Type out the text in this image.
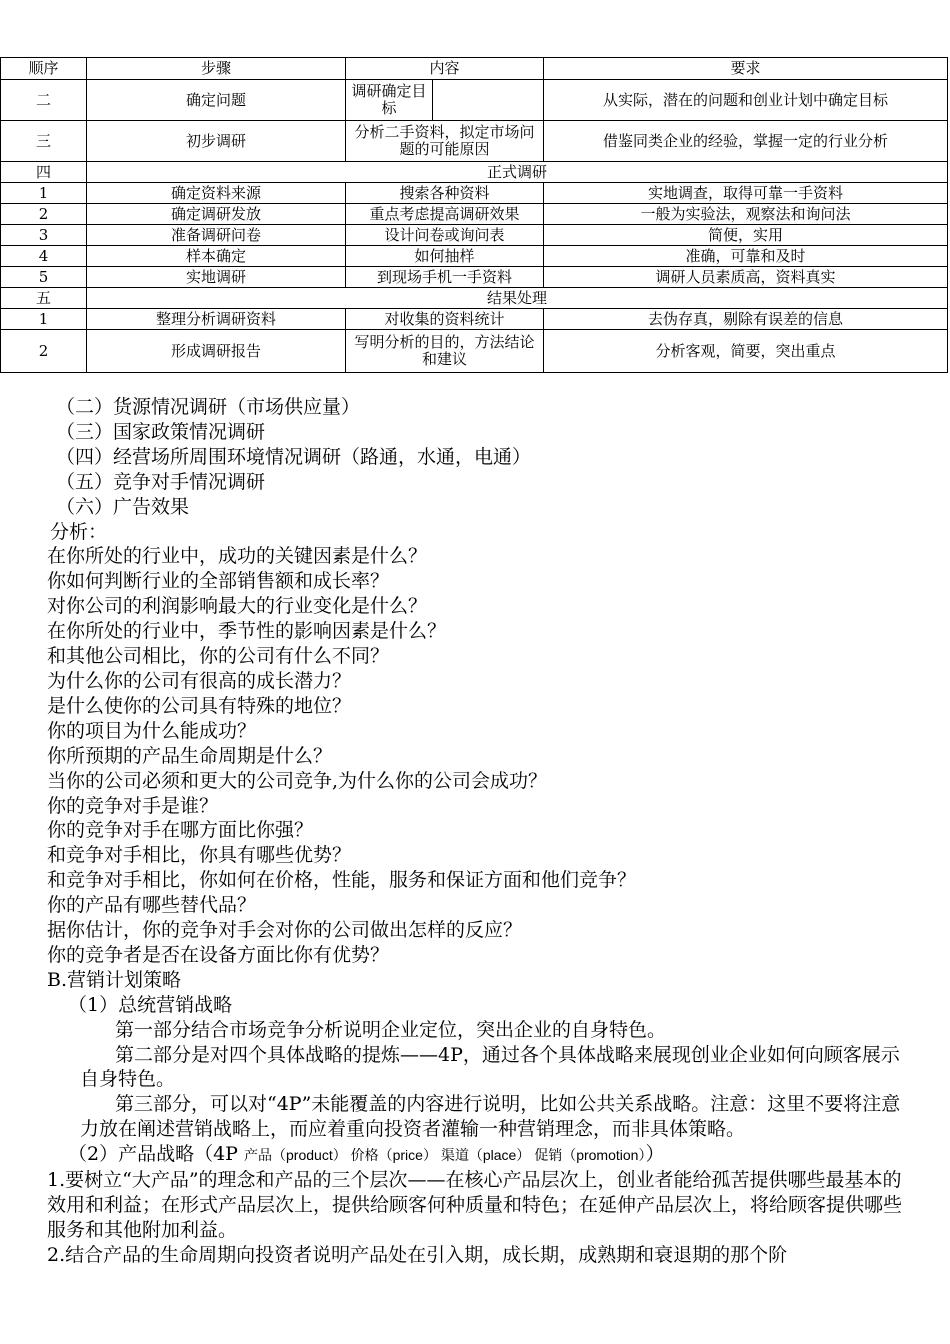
顺序	步骤	内容	要求
二	确定问题	调研确定目标	从实际，潜在的问题和创业计划中确定目标
三	初步调研	分析二手资料，拟定市场问题的可能原因	借鉴同类企业的经验，掌握一定的行业分析
四	正式调研		
1	确定资料来源	搜索各种资料	实地调查，取得可靠一手资料
2	确定调研发放	重点考虑提高调研效果	一般为实验法，观察法和询问法
3	准备调研问卷	设计问卷或询问表	简便，实用
4	样本确定	如何抽样	准确，可靠和及时
5	实地调研	到现场手机一手资料	调研人员素质高，资料真实
五	结果处理		
1	整理分析调研资料	对收集的资料统计	去伪存真，剔除有误差的信息
2	形成调研报告	写明分析的目的，方法结论和建议	分析客观，简要，突出重点
（二）货源情况调研（市场供应量）
（三）国家政策情况调研
（四）经营场所周围环境情况调研（路通，水通，电通）
（五）竞争对手情况调研
（六）广告效果
分析：
在你所处的行业中，成功的关键因素是什么？
你如何判断行业的全部销售额和成长率？
对你公司的利润影响最大的行业变化是什么？
在你所处的行业中，季节性的影响因素是什么？
和其他公司相比，你的公司有什么不同？
为什么你的公司有很高的成长潜力？
是什么使你的公司具有特殊的地位？
你的项目为什么能成功？
你所预期的产品生命周期是什么？
当你的公司必须和更大的公司竞争,为什么你的公司会成功？
你的竞争对手是谁？
你的竞争对手在哪方面比你强？
和竞争对手相比，你具有哪些优势？
和竞争对手相比，你如何在价格，性能，服务和保证方面和他们竞争？
你的产品有哪些替代品？
据你估计，你的竞争对手会对你的公司做出怎样的反应？
你的竞争者是否在设备方面比你有优势？
B.营销计划策略
（1）总统营销战略
第一部分结合市场竞争分析说明企业定位，突出企业的自身特色。
第二部分是对四个具体战略的提炼——4P，通过各个具体战略来展现创业企业如何向顾客展示自身特色。
第三部分，可以对“4P”未能覆盖的内容进行说明，比如公共关系战略。注意：这里不要将注意力放在阐述营销战略上，而应着重向投资者灌输一种营销理念，而非具体策略。
（2）产品战略（4P 产品（product） 价格（price） 渠道（place） 促销（promotion））
1.要树立“大产品”的理念和产品的三个层次——在核心产品层次上，创业者能给孤苦提供哪些最基本的效用和利益；在形式产品层次上，提供给顾客何种质量和特色；在延伸产品层次上，将给顾客提供哪些服务和其他附加利益。
2.结合产品的生命周期向投资者说明产品处在引入期，成长期，成熟期和衰退期的那个阶
